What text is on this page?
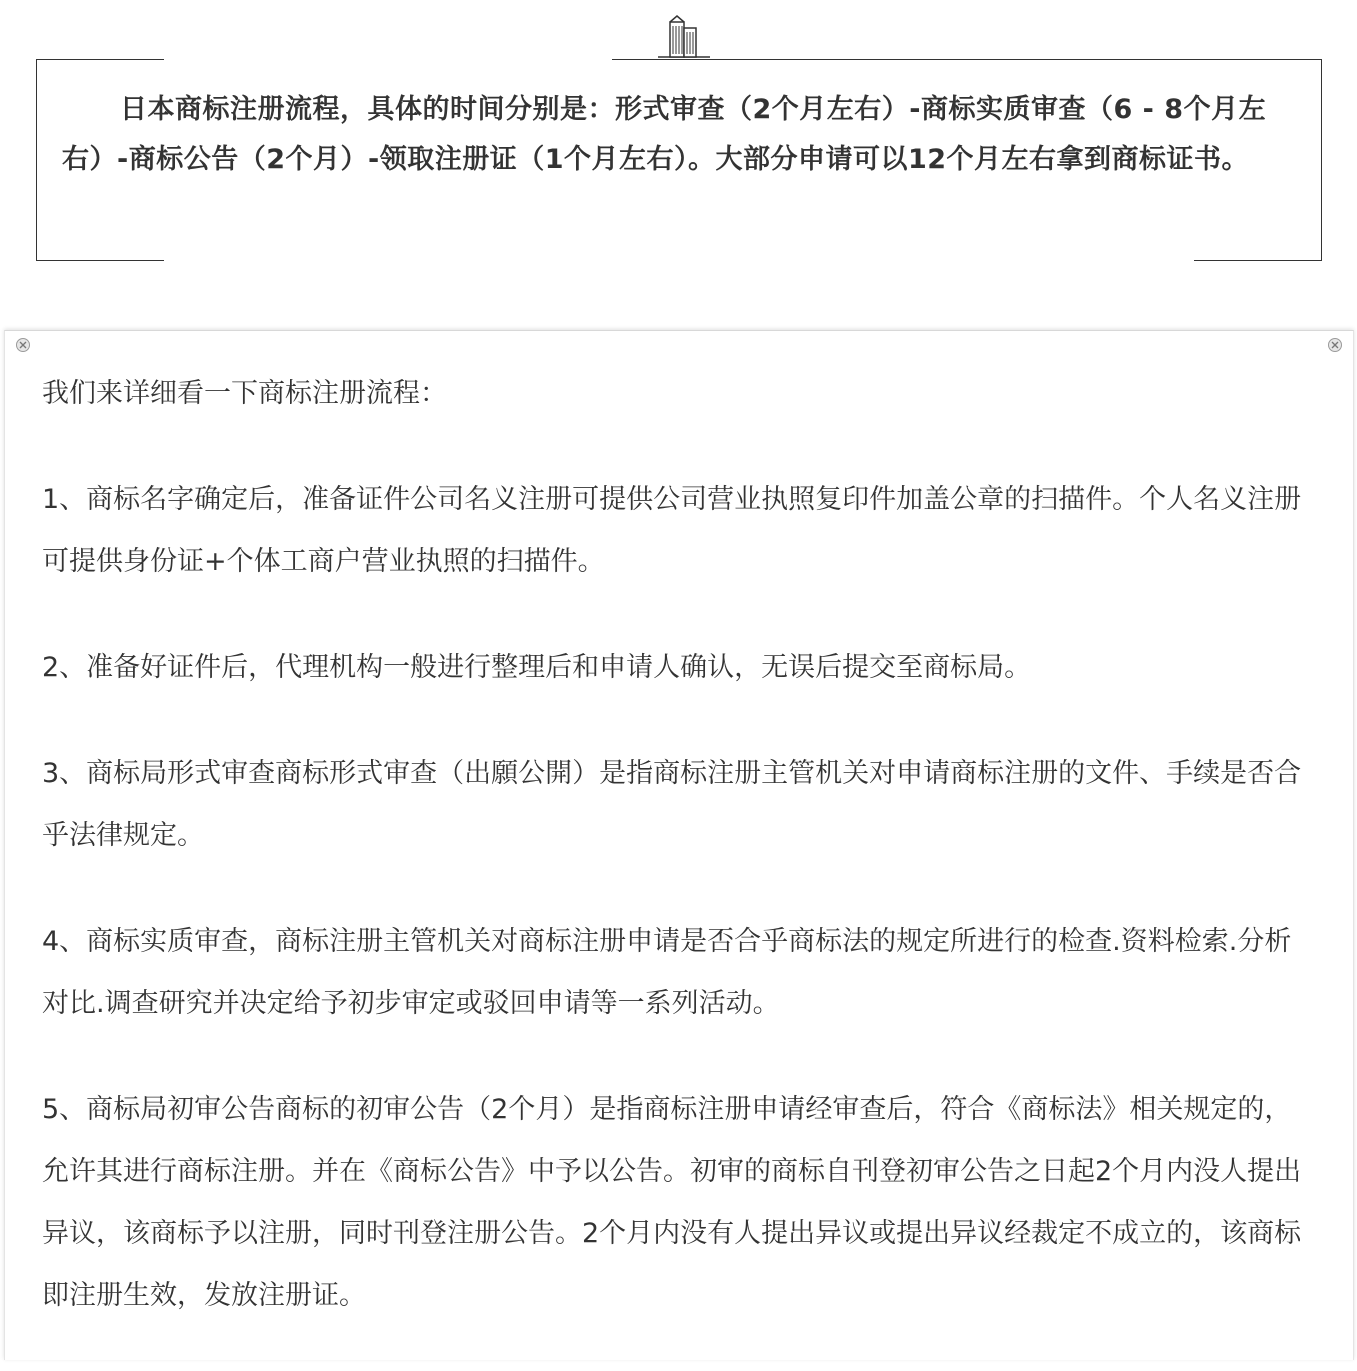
日本商标注册流程，具体的时间分别是：形式审查（2个月左右）-商标实质审查（6 - 8个月左右）-商标公告（2个月）-领取注册证（1个月左右）。大部分申请可以12个月左右拿到商标证书。

我们来详细看一下商标注册流程：

1、商标名字确定后，准备证件公司名义注册可提供公司营业执照复印件加盖公章的扫描件。个人名义注册可提供身份证+个体工商户营业执照的扫描件。

2、准备好证件后，代理机构一般进行整理后和申请人确认，无误后提交至商标局。

3、商标局形式审查商标形式审查（出願公開）是指商标注册主管机关对申请商标注册的文件、手续是否合乎法律规定。

4、商标实质审查，商标注册主管机关对商标注册申请是否合乎商标法的规定所进行的检查.资料检索.分析对比.调查研究并决定给予初步审定或驳回申请等一系列活动。

5、商标局初审公告商标的初审公告（2个月）是指商标注册申请经审查后，符合《商标法》相关规定的，允许其进行商标注册。并在《商标公告》中予以公告。初审的商标自刊登初审公告之日起2个月内没人提出异议，该商标予以注册，同时刊登注册公告。2个月内没有人提出异议或提出异议经裁定不成立的，该商标即注册生效，发放注册证。
